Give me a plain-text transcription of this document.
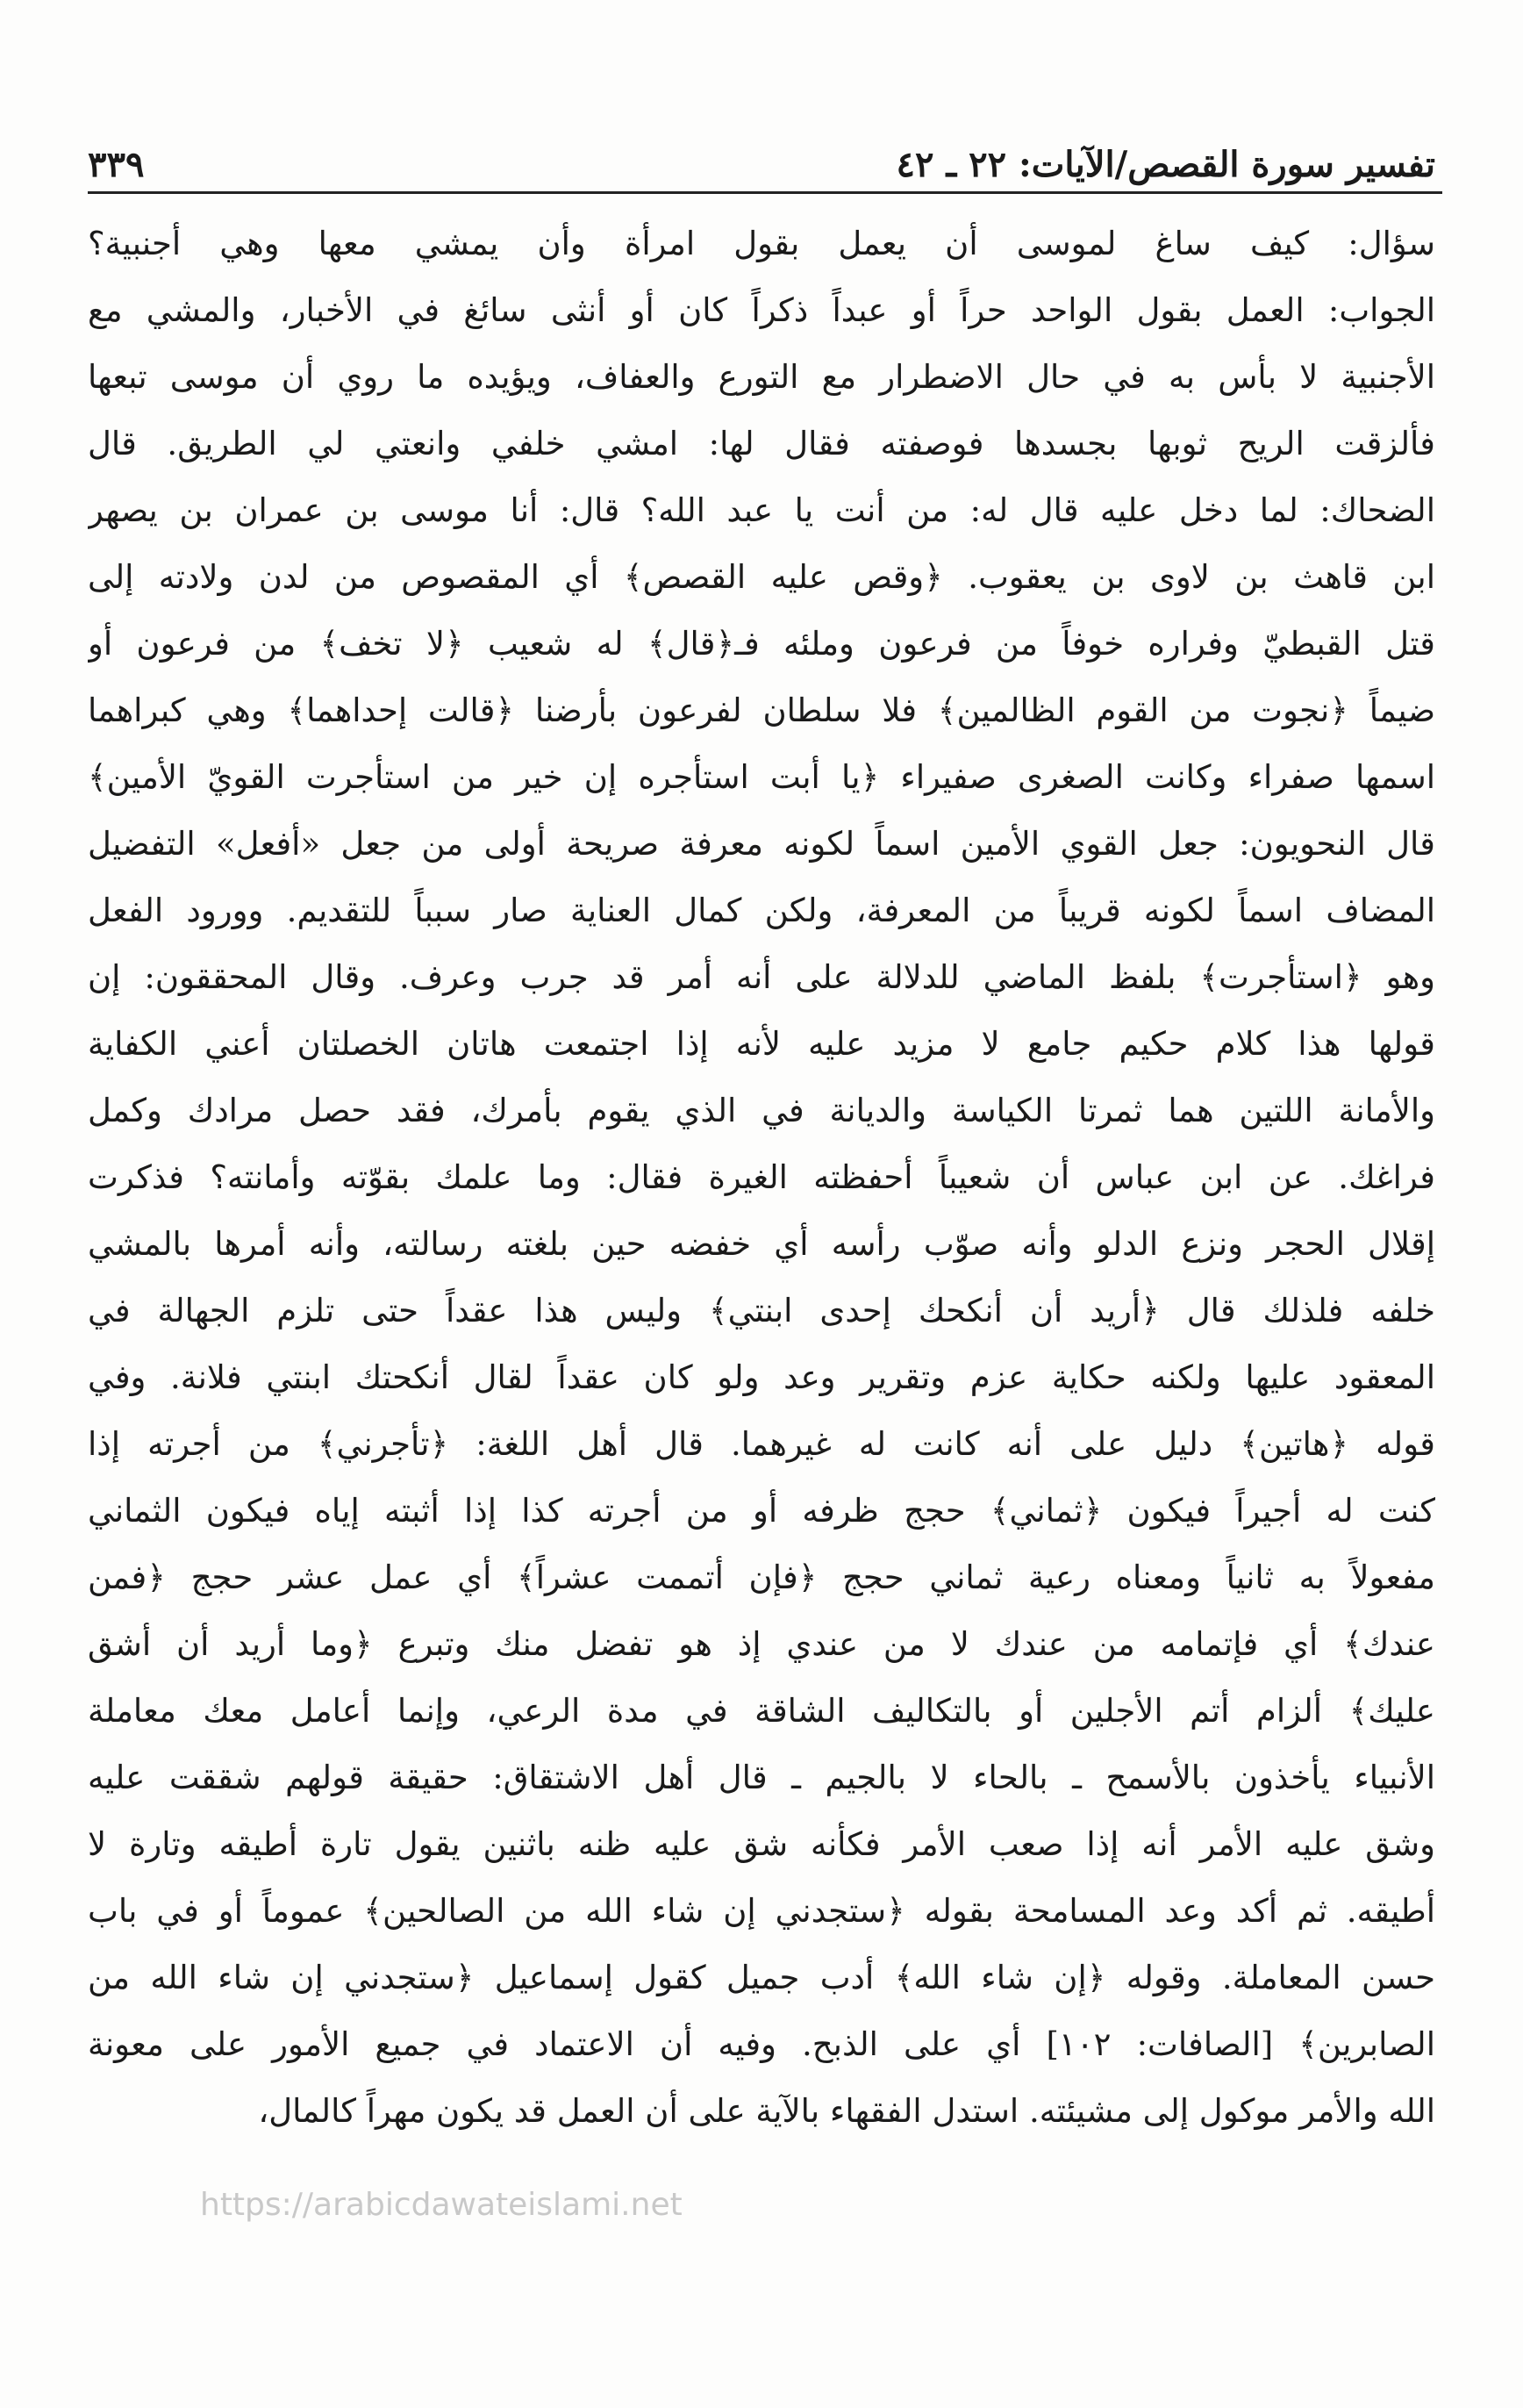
تفسير سورة القصص/الآيات: ٢٢ ـ ٤٢
٣٣٩
سؤال: كيف ساغ لموسى أن يعمل بقول امرأة وأن يمشي معها وهي أجنبية؟
الجواب: العمل بقول الواحد حراً أو عبداً ذكراً كان أو أنثى سائغ في الأخبار، والمشي مع
الأجنبية لا بأس به في حال الاضطرار مع التورع والعفاف، ويؤيده ما روي أن موسى تبعها
فألزقت الريح ثوبها بجسدها فوصفته فقال لها: امشي خلفي وانعتي لي الطريق. قال
الضحاك: لما دخل عليه قال له: من أنت يا عبد الله؟ قال: أنا موسى بن عمران بن يصهر
ابن قاهث بن لاوى بن يعقوب. ﴿وقص عليه القصص﴾ أي المقصوص من لدن ولادته إلى
قتل القبطيّ وفراره خوفاً من فرعون وملئه فـ﴿قال﴾ له شعيب ﴿لا تخف﴾ من فرعون أو
ضيماً ﴿نجوت من القوم الظالمين﴾ فلا سلطان لفرعون بأرضنا ﴿قالت إحداهما﴾ وهي كبراهما
اسمها صفراء وكانت الصغرى صفيراء ﴿يا أبت استأجره إن خير من استأجرت القويّ الأمين﴾
قال النحويون: جعل القوي الأمين اسماً لكونه معرفة صريحة أولى من جعل «أفعل» التفضيل
المضاف اسماً لكونه قريباً من المعرفة، ولكن كمال العناية صار سبباً للتقديم. وورود الفعل
وهو ﴿استأجرت﴾ بلفظ الماضي للدلالة على أنه أمر قد جرب وعرف. وقال المحققون: إن
قولها هذا كلام حكيم جامع لا مزيد عليه لأنه إذا اجتمعت هاتان الخصلتان أعني الكفاية
والأمانة اللتين هما ثمرتا الكياسة والديانة في الذي يقوم بأمرك، فقد حصل مرادك وكمل
فراغك. عن ابن عباس أن شعيباً أحفظته الغيرة فقال: وما علمك بقوّته وأمانته؟ فذكرت
إقلال الحجر ونزع الدلو وأنه صوّب رأسه أي خفضه حين بلغته رسالته، وأنه أمرها بالمشي
خلفه فلذلك قال ﴿أريد أن أنكحك إحدى ابنتي﴾ وليس هذا عقداً حتى تلزم الجهالة في
المعقود عليها ولكنه حكاية عزم وتقرير وعد ولو كان عقداً لقال أنكحتك ابنتي فلانة. وفي
قوله ﴿هاتين﴾ دليل على أنه كانت له غيرهما. قال أهل اللغة: ﴿تأجرني﴾ من أجرته إذا
كنت له أجيراً فيكون ﴿ثماني﴾ حجج ظرفه أو من أجرته كذا إذا أثبته إياه فيكون الثماني
مفعولاً به ثانياً ومعناه رعية ثماني حجج ﴿فإن أتممت عشراً﴾ أي عمل عشر حجج ﴿فمن
عندك﴾ أي فإتمامه من عندك لا من عندي إذ هو تفضل منك وتبرع ﴿وما أريد أن أشق
عليك﴾ ألزام أتم الأجلين أو بالتكاليف الشاقة في مدة الرعي، وإنما أعامل معك معاملة
الأنبياء يأخذون بالأسمح ـ بالحاء لا بالجيم ـ قال أهل الاشتقاق: حقيقة قولهم شققت عليه
وشق عليه الأمر أنه إذا صعب الأمر فكأنه شق عليه ظنه باثنين يقول تارة أطيقه وتارة لا
أطيقه. ثم أكد وعد المسامحة بقوله ﴿ستجدني إن شاء الله من الصالحين﴾ عموماً أو في باب
حسن المعاملة. وقوله ﴿إن شاء الله﴾ أدب جميل كقول إسماعيل ﴿ستجدني إن شاء الله من
الصابرين﴾ [الصافات: ١٠٢] أي على الذبح. وفيه أن الاعتماد في جميع الأمور على معونة
الله والأمر موكول إلى مشيئته. استدل الفقهاء بالآية على أن العمل قد يكون مهراً كالمال،
https://arabicdawateislami.net
